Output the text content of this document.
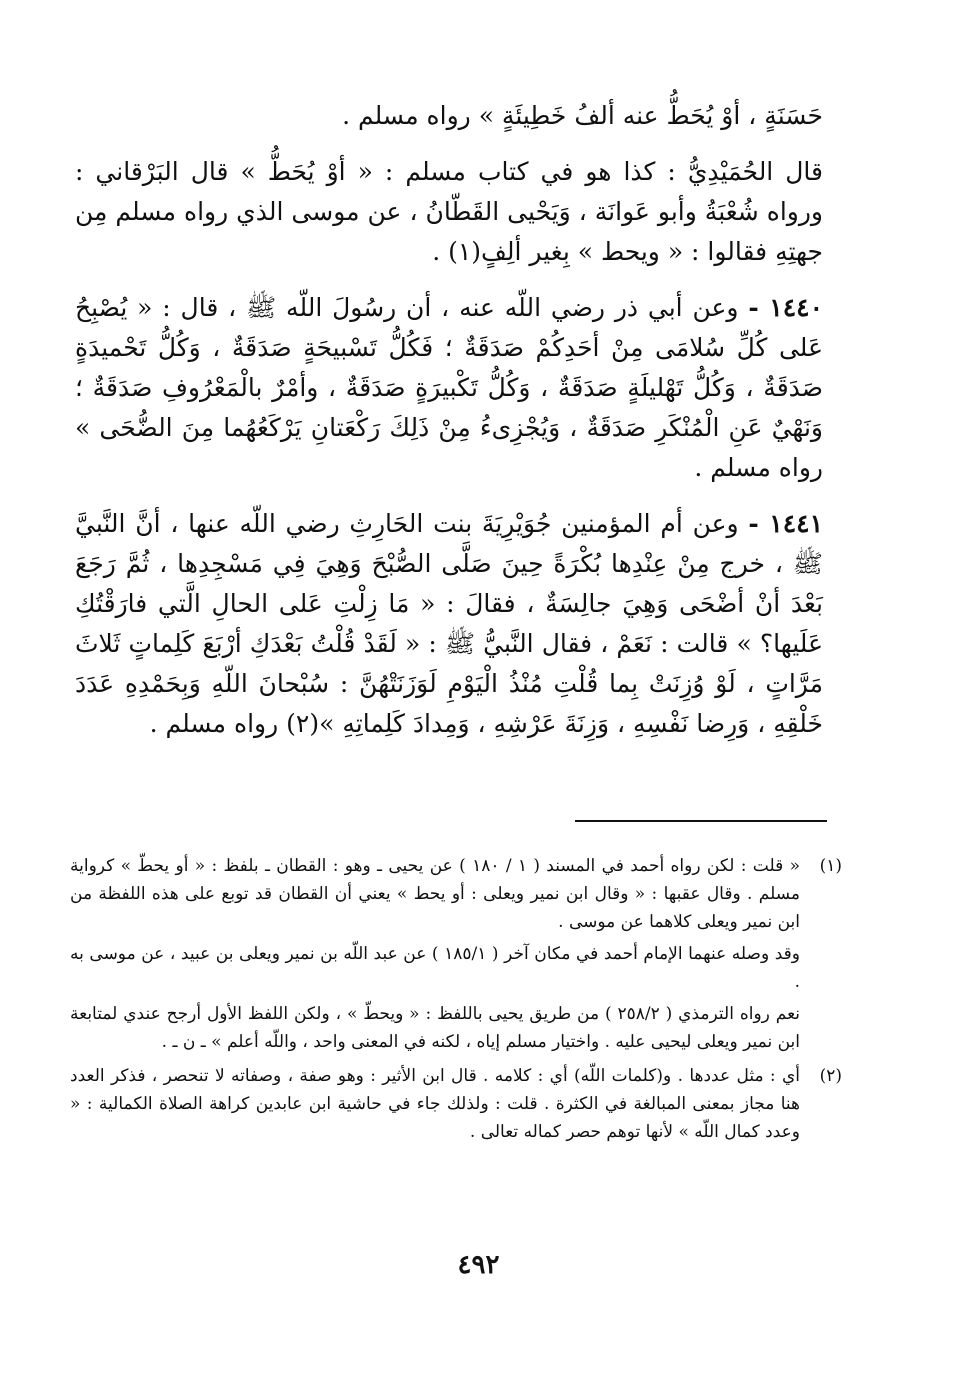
حَسَنَةٍ ، أوْ يُحَطُّ عنه ألفُ خَطِيئَةٍ » رواه مسلم .

قال الحُمَيْدِيُّ : كذا هو في كتاب مسلم : « أوْ يُحَطُّ » قال البَرْقاني : ورواه شُعْبَةُ وأبو عَوانَة ، وَيَحْيى القَطّانُ ، عن موسى الذي رواه مسلم مِن جهتِهِ فقالوا : « ويحط » بِغير ألِفٍ(١) .

١٤٤٠ - وعن أبي ذر رضي اللّه عنه ، أن رسُولَ اللّه ﷺ ، قال : « يُصْبِحُ عَلى كُلِّ سُلامَى مِنْ أحَدِكُمْ صَدَقَةٌ ؛ فَكُلُّ تَسْبيحَةٍ صَدَقَةٌ ، وَكُلُّ تَحْميدَةٍ صَدَقَةٌ ، وَكُلُّ تَهْليلَةٍ صَدَقَةٌ ، وَكُلُّ تَكْبيرَةٍ صَدَقَةٌ ، وأمْرٌ بالْمَعْرُوفِ صَدَقَةٌ ؛ وَنَهْيٌ عَنِ الْمُنْكَرِ صَدَقَةٌ ، وَيُجْزِىءُ مِنْ ذَلِكَ رَكْعَتانِ يَرْكَعُهُما مِنَ الضُّحَى » رواه مسلم .

١٤٤١ - وعن أم المؤمنين جُوَيْرِيَةَ بنت الحَارِثِ رضي اللّه عنها ، أنَّ النَّبيَّ ﷺ ، خرج مِنْ عِنْدِها بُكْرَةً حِينَ صَلَّى الصُّبْحَ وَهِيَ فِي مَسْجِدِها ، ثُمَّ رَجَعَ بَعْدَ أنْ أضْحَى وَهِيَ جالِسَةٌ ، فقالَ : « مَا زِلْتِ عَلى الحالِ الَّتي فارَقْتُكِ عَلَيها؟ » قالت : نَعَمْ ، فقال النَّبيُّ ﷺ : « لَقَدْ قُلْتُ بَعْدَكِ أرْبَعَ كَلِماتٍ ثَلاثَ مَرَّاتٍ ، لَوْ وُزِنَتْ بِما قُلْتِ مُنْذُ الْيَوْمِ لَوَزَنَتْهُنَّ : سُبْحانَ اللّهِ وَبِحَمْدِهِ عَدَدَ خَلْقِهِ ، وَرِضا نَفْسِهِ ، وَزِنَةَ عَرْشِهِ ، وَمِدادَ كَلِماتِهِ »(٢) رواه مسلم .

(١)

« قلت : لكن رواه أحمد في المسند ( ١ / ١٨٠ ) عن يحيى ـ وهو : القطان ـ بلفظ : « أو يحطّ » كرواية مسلم . وقال عقبها : « وقال ابن نمير ويعلى : أو يحط » يعني أن القطان قد توبع على هذه اللفظة من ابن نمير ويعلى كلاهما عن موسى .

وقد وصله عنهما الإمام أحمد في مكان آخر ( ١٨٥/١ ) عن عبد اللّه بن نمير ويعلى بن عبيد ، عن موسى به .

نعم رواه الترمذي ( ٢٥٨/٢ ) من طريق يحيى باللفظ : « ويحطّ » ، ولكن اللفظ الأول أرجح عندي لمتابعة ابن نمير ويعلى ليحيى عليه . واختيار مسلم إياه ، لكنه في المعنى واحد ، واللّه أعلم » ـ ن ـ .

(٢)

أي : مثل عددها . و(كلمات اللّه) أي : كلامه . قال ابن الأثير : وهو صفة ، وصفاته لا تنحصر ، فذكر العدد هنا مجاز بمعنى المبالغة في الكثرة . قلت : ولذلك جاء في حاشية ابن عابدين كراهة الصلاة الكمالية : « وعدد كمال اللّه » لأنها توهم حصر كماله تعالى .

٤٩٢
